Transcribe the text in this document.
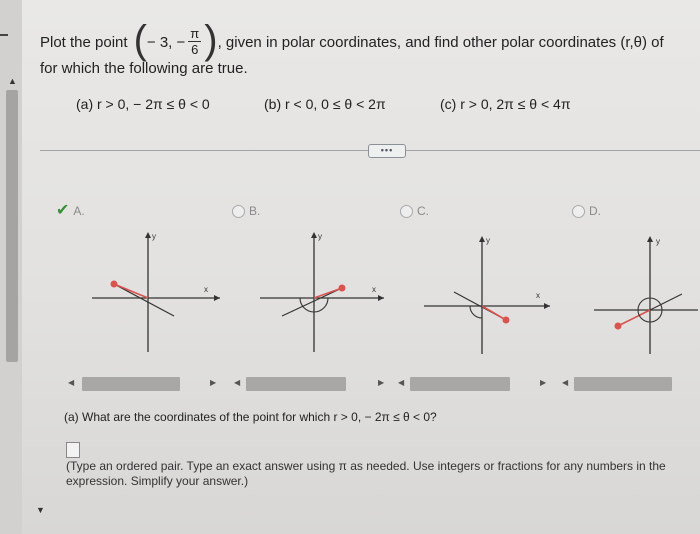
▲
▼
Plot the point ( − 3, − $\frac{\pi}{6}$ ) , given in polar coordinates, and find other polar coordinates (r,θ) of
for which the following are true.
(a) r > 0, − 2π ≤ θ < 0	(b) r < 0, 0 ≤ θ < 2π	(c) r > 0, 2π ≤ θ < 4π
•••
✔ A.	B.	C.	D.
y
x
y
x
y
x
y
◀	▶ ◀	▶ ◀	▶ ◀
(a) What are the coordinates of the point for which r > 0, − 2π ≤ θ < 0?
(Type an ordered pair. Type an exact answer using π as needed. Use integers or fractions for any numbers in the expression. Simplify your answer.)
